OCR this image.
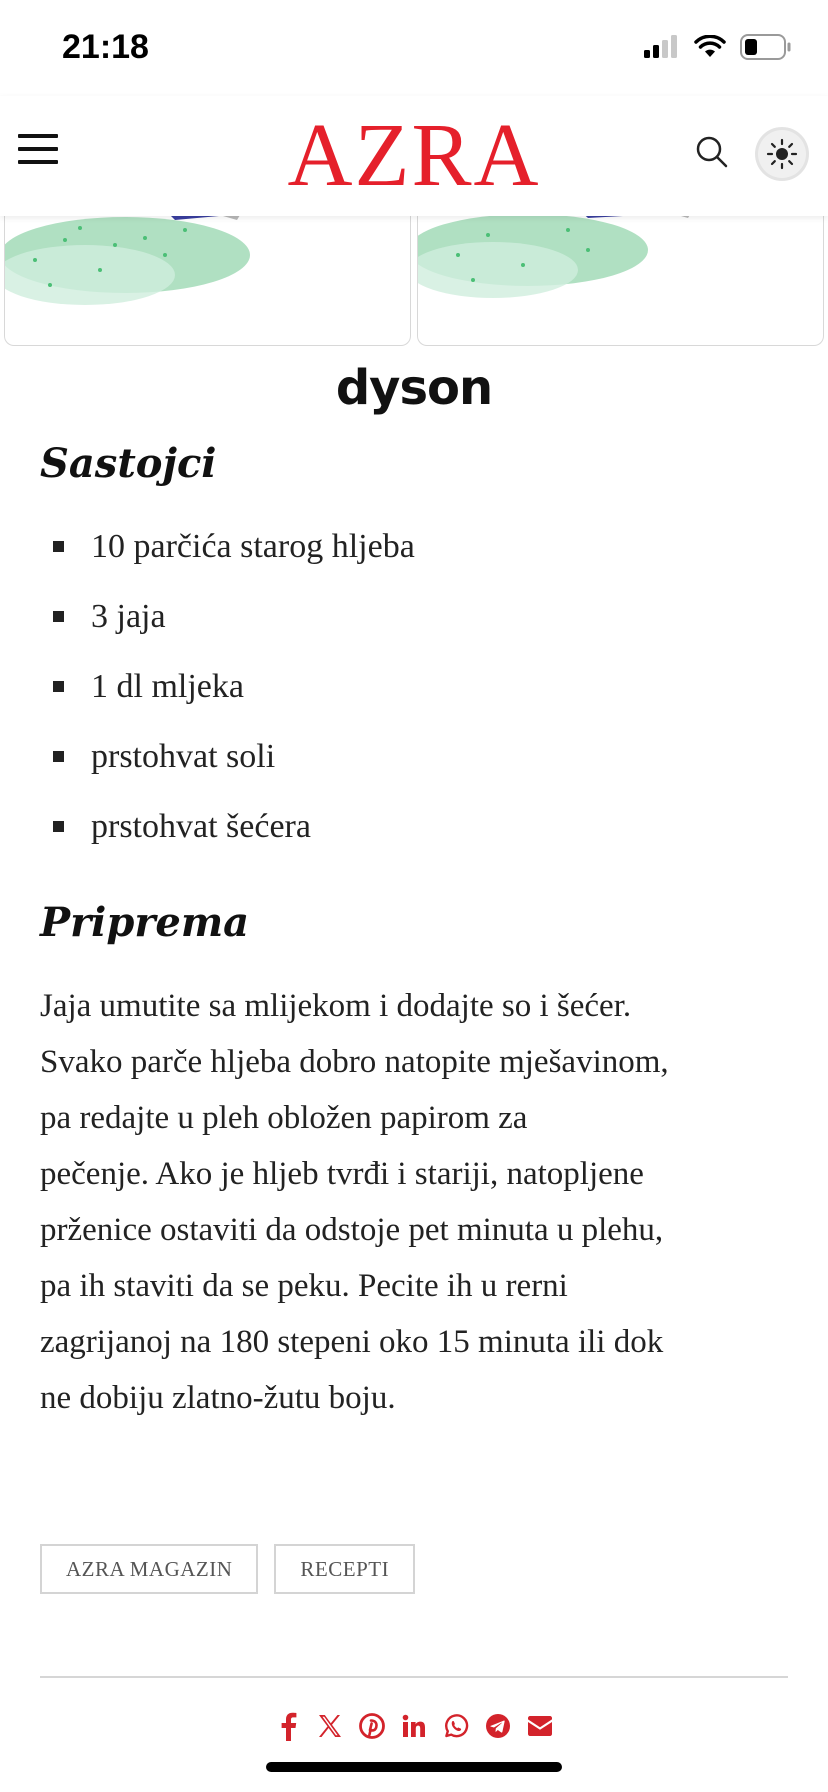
21:18
AZRA
dyson
Sastojci
10 parčića starog hljeba
3 jaja
1 dl mljeka
prstohvat soli
prstohvat šećera
Priprema
Jaja umutite sa mlijekom i dodajte so i šećer.
Svako parče hljeba dobro natopite mješavinom,
pa redajte u pleh obložen papirom za
pečenje. Ako je hljeb tvrđi i stariji, natopljene
prženice ostaviti da odstoje pet minuta u plehu,
pa ih staviti da se peku. Pecite ih u rerni
zagrijanoj na 180 stepeni oko 15 minuta ili dok
ne dobiju zlatno-žutu boju.
AZRA MAGAZIN	RECEPTI
